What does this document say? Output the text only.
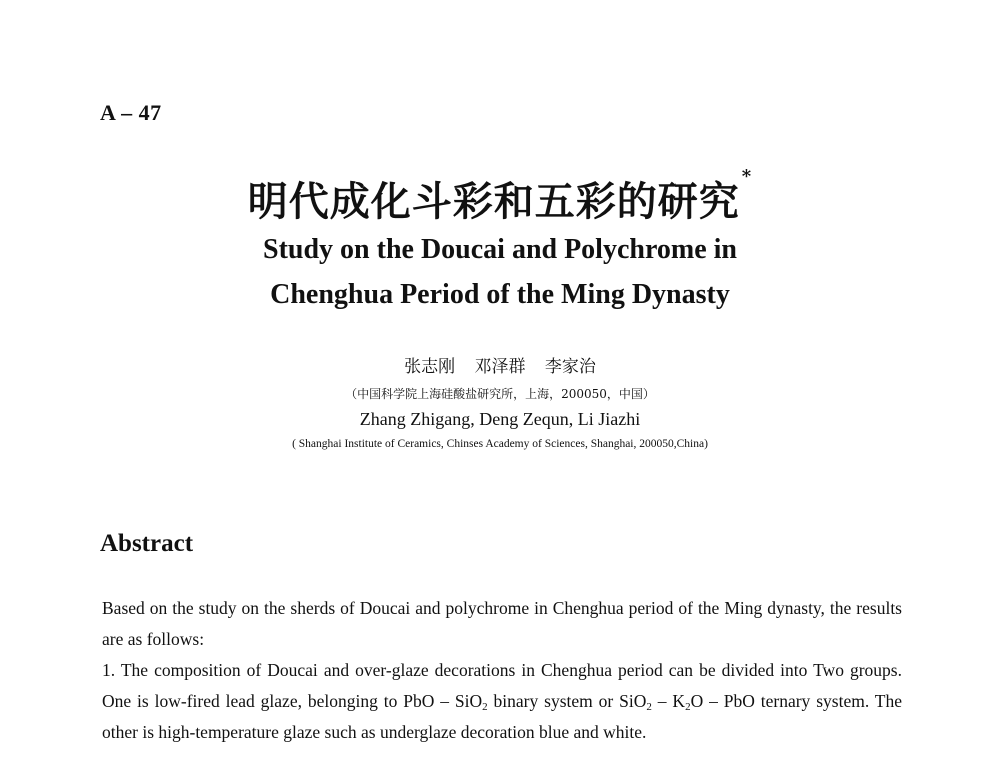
A – 47
明代成化斗彩和五彩的研究*
Study on the Doucai and Polychrome in
Chenghua Period of the Ming Dynasty
张志刚 邓泽群 李家治
（中国科学院上海硅酸盐研究所，上海，200050，中国）
Zhang Zhigang, Deng Zequn, Li Jiazhi
( Shanghai Institute of Ceramics, Chinses Academy of Sciences, Shanghai, 200050,China)
Abstract

Based on the study on the sherds of Doucai and polychrome in Chenghua period of the Ming dynasty, the results are as follows:

1. The composition of Doucai and over-glaze decorations in Chenghua period can be divided into Two groups. One is low-fired lead glaze, belonging to PbO – SiO$_2$ binary system or $SiO_2 - K_2O$ – PbO ternary system. The other is high-temperature glaze such as underglaze decoration blue and white.
